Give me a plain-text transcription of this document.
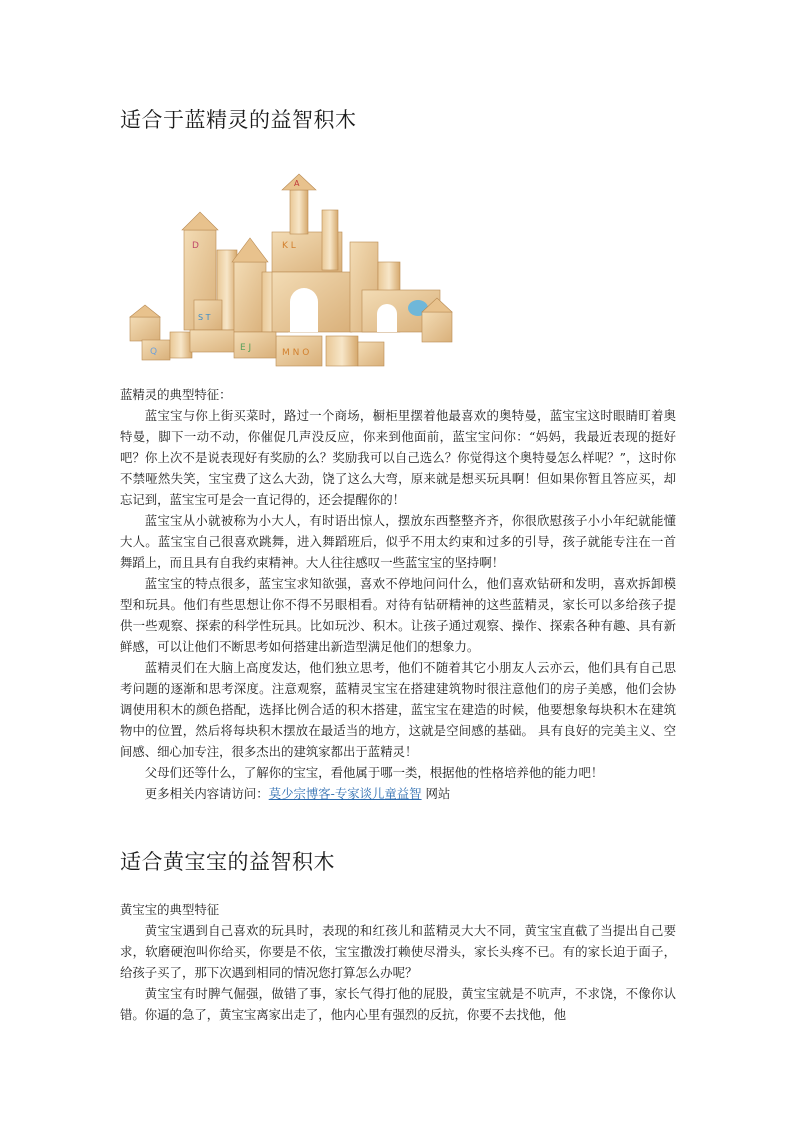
适合于蓝精灵的益智积木
Q
D
S T
K L
A
M N O
E J

蓝精灵的典型特征：

蓝宝宝与你上街买菜时，路过一个商场，橱柜里摆着他最喜欢的奥特曼，蓝宝宝这时眼睛盯着奥特曼，脚下一动不动，你催促几声没反应，你来到他面前，蓝宝宝问你：“妈妈，我最近表现的挺好吧？你上次不是说表现好有奖励的么？奖励我可以自己选么？你觉得这个奥特曼怎么样呢？”，这时你不禁哑然失笑，宝宝费了这么大劲，饶了这么大弯，原来就是想买玩具啊！但如果你暂且答应买，却忘记到，蓝宝宝可是会一直记得的，还会提醒你的！

蓝宝宝从小就被称为小大人，有时语出惊人，摆放东西整整齐齐，你很欣慰孩子小小年纪就能懂大人。蓝宝宝自己很喜欢跳舞，进入舞蹈班后，似乎不用太约束和过多的引导，孩子就能专注在一首舞蹈上，而且具有自我约束精神。大人往往感叹一些蓝宝宝的坚持啊！

蓝宝宝的特点很多，蓝宝宝求知欲强，喜欢不停地问问什么，他们喜欢钻研和发明，喜欢拆卸模型和玩具。他们有些思想让你不得不另眼相看。对待有钻研精神的这些蓝精灵，家长可以多给孩子提供一些观察、探索的科学性玩具。比如玩沙、积木。让孩子通过观察、操作、探索各种有趣、具有新鲜感，可以让他们不断思考如何搭建出新造型满足他们的想象力。

蓝精灵们在大脑上高度发达，他们独立思考，他们不随着其它小朋友人云亦云，他们具有自己思考问题的逐渐和思考深度。注意观察，蓝精灵宝宝在搭建建筑物时很注意他们的房子美感，他们会协调使用积木的颜色搭配，选择比例合适的积木搭建，蓝宝宝在建造的时候，他要想象每块积木在建筑物中的位置，然后将每块积木摆放在最适当的地方，这就是空间感的基础。 具有良好的完美主义、空间感、细心加专注，很多杰出的建筑家都出于蓝精灵！

父母们还等什么，了解你的宝宝，看他属于哪一类，根据他的性格培养他的能力吧！

更多相关内容请访问：莫少宗博客-专家谈儿童益智 网站

适合黄宝宝的益智积木

黄宝宝的典型特征

黄宝宝遇到自己喜欢的玩具时，表现的和红孩儿和蓝精灵大大不同，黄宝宝直截了当提出自己要求，软磨硬泡叫你给买，你要是不依，宝宝撒泼打赖使尽滑头，家长头疼不已。有的家长迫于面子，给孩子买了，那下次遇到相同的情况您打算怎么办呢？

黄宝宝有时脾气倔强，做错了事，家长气得打他的屁股，黄宝宝就是不吭声，不求饶，不像你认错。你逼的急了，黄宝宝离家出走了，他内心里有强烈的反抗，你要不去找他，他
